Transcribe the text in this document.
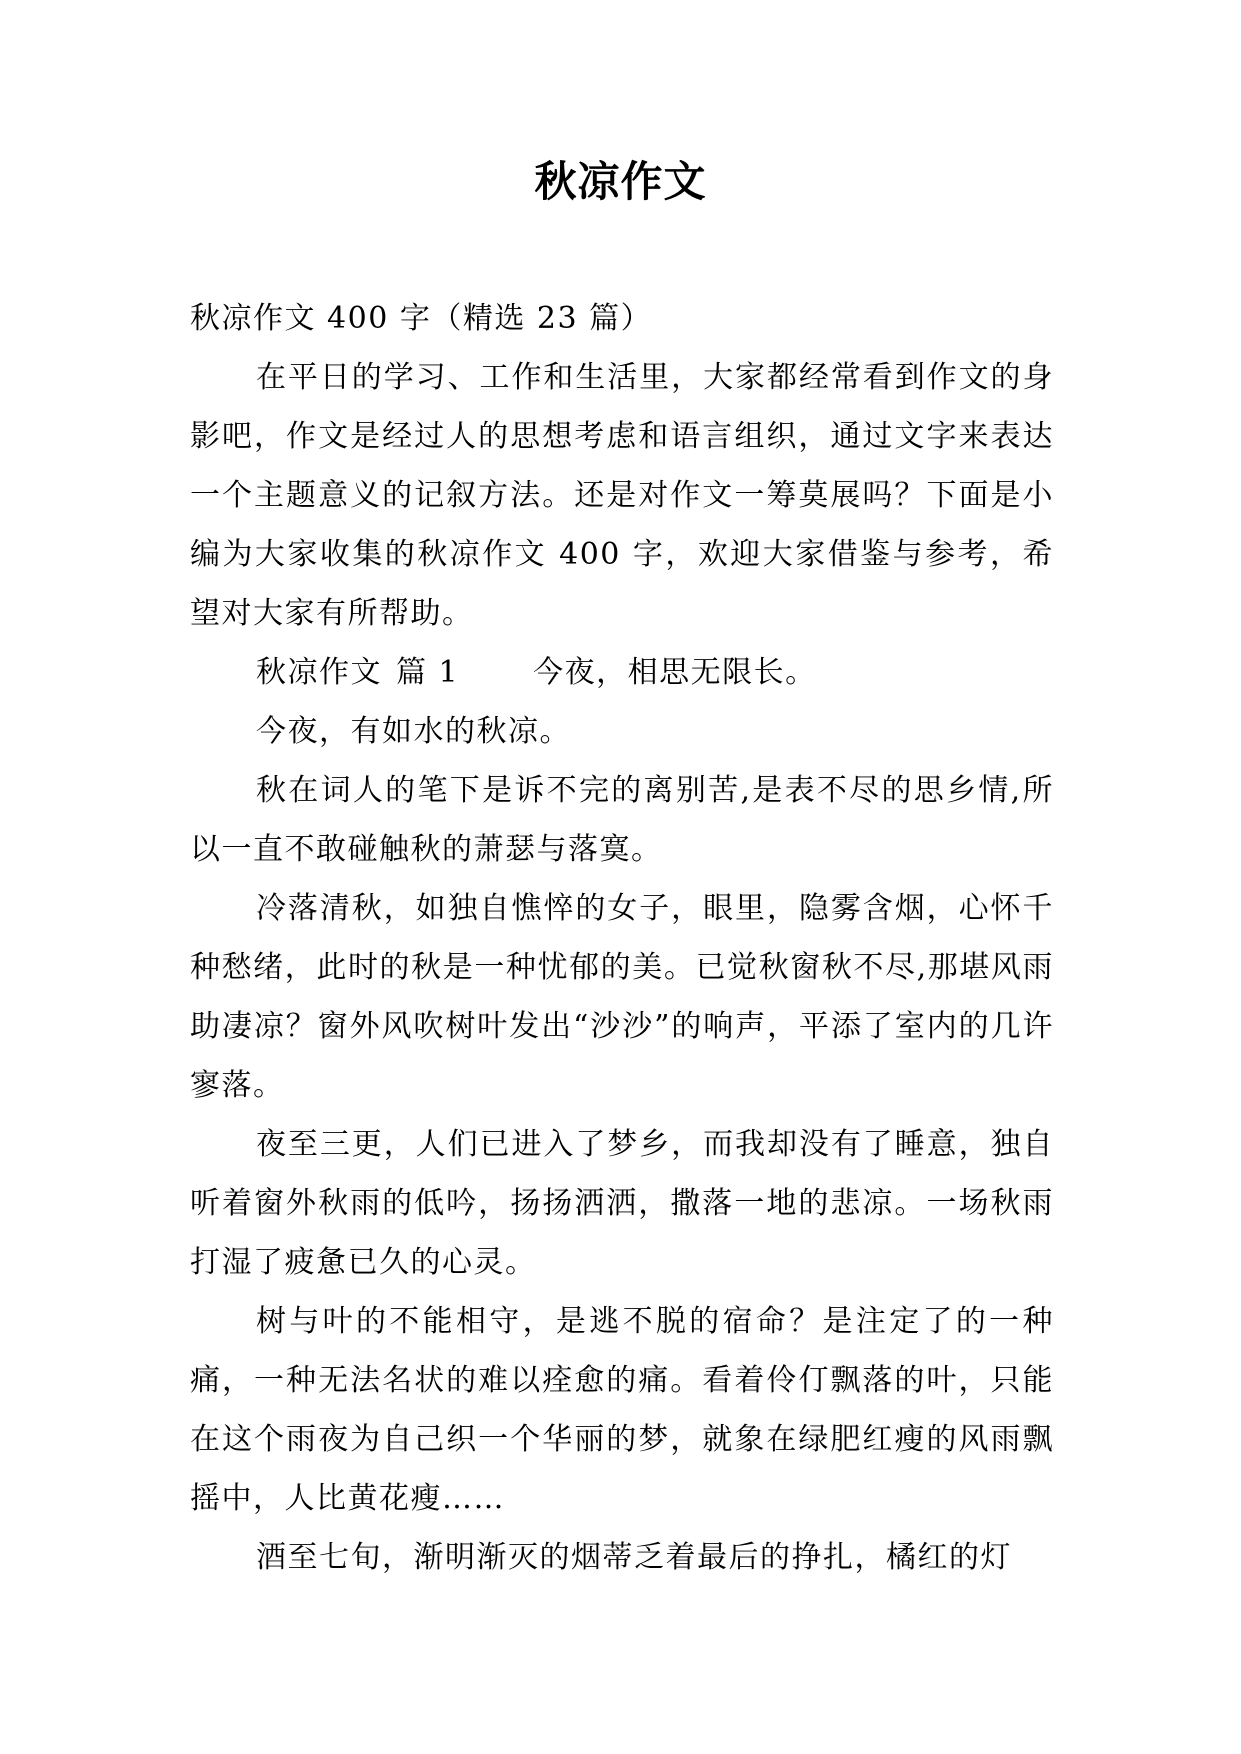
秋凉作文

秋凉作文 400 字（精选 23 篇）

在平日的学习、工作和生活里，大家都经常看到作文的身影吧，作文是经过人的思想考虑和语言组织，通过文字来表达一个主题意义的记叙方法。还是对作文一筹莫展吗？下面是小编为大家收集的秋凉作文 400 字，欢迎大家借鉴与参考，希望对大家有所帮助。

秋凉作文 篇 1 今夜，相思无限长。

今夜，有如水的秋凉。

秋在词人的笔下是诉不完的离别苦,是表不尽的思乡情,所以一直不敢碰触秋的萧瑟与落寞。

冷落清秋，如独自憔悴的女子，眼里，隐雾含烟，心怀千种愁绪，此时的秋是一种忧郁的美。已觉秋窗秋不尽,那堪风雨助凄凉？窗外风吹树叶发出“沙沙”的响声，平添了室内的几许寥落。

夜至三更，人们已进入了梦乡，而我却没有了睡意，独自听着窗外秋雨的低吟，扬扬洒洒，撒落一地的悲凉。一场秋雨打湿了疲惫已久的心灵。

树与叶的不能相守，是逃不脱的宿命？是注定了的一种痛，一种无法名状的难以痊愈的痛。看着伶仃飘落的叶，只能在这个雨夜为自己织一个华丽的梦，就象在绿肥红瘦的风雨飘摇中，人比黄花瘦……

酒至七旬，渐明渐灭的烟蒂乏着最后的挣扎，橘红的灯
